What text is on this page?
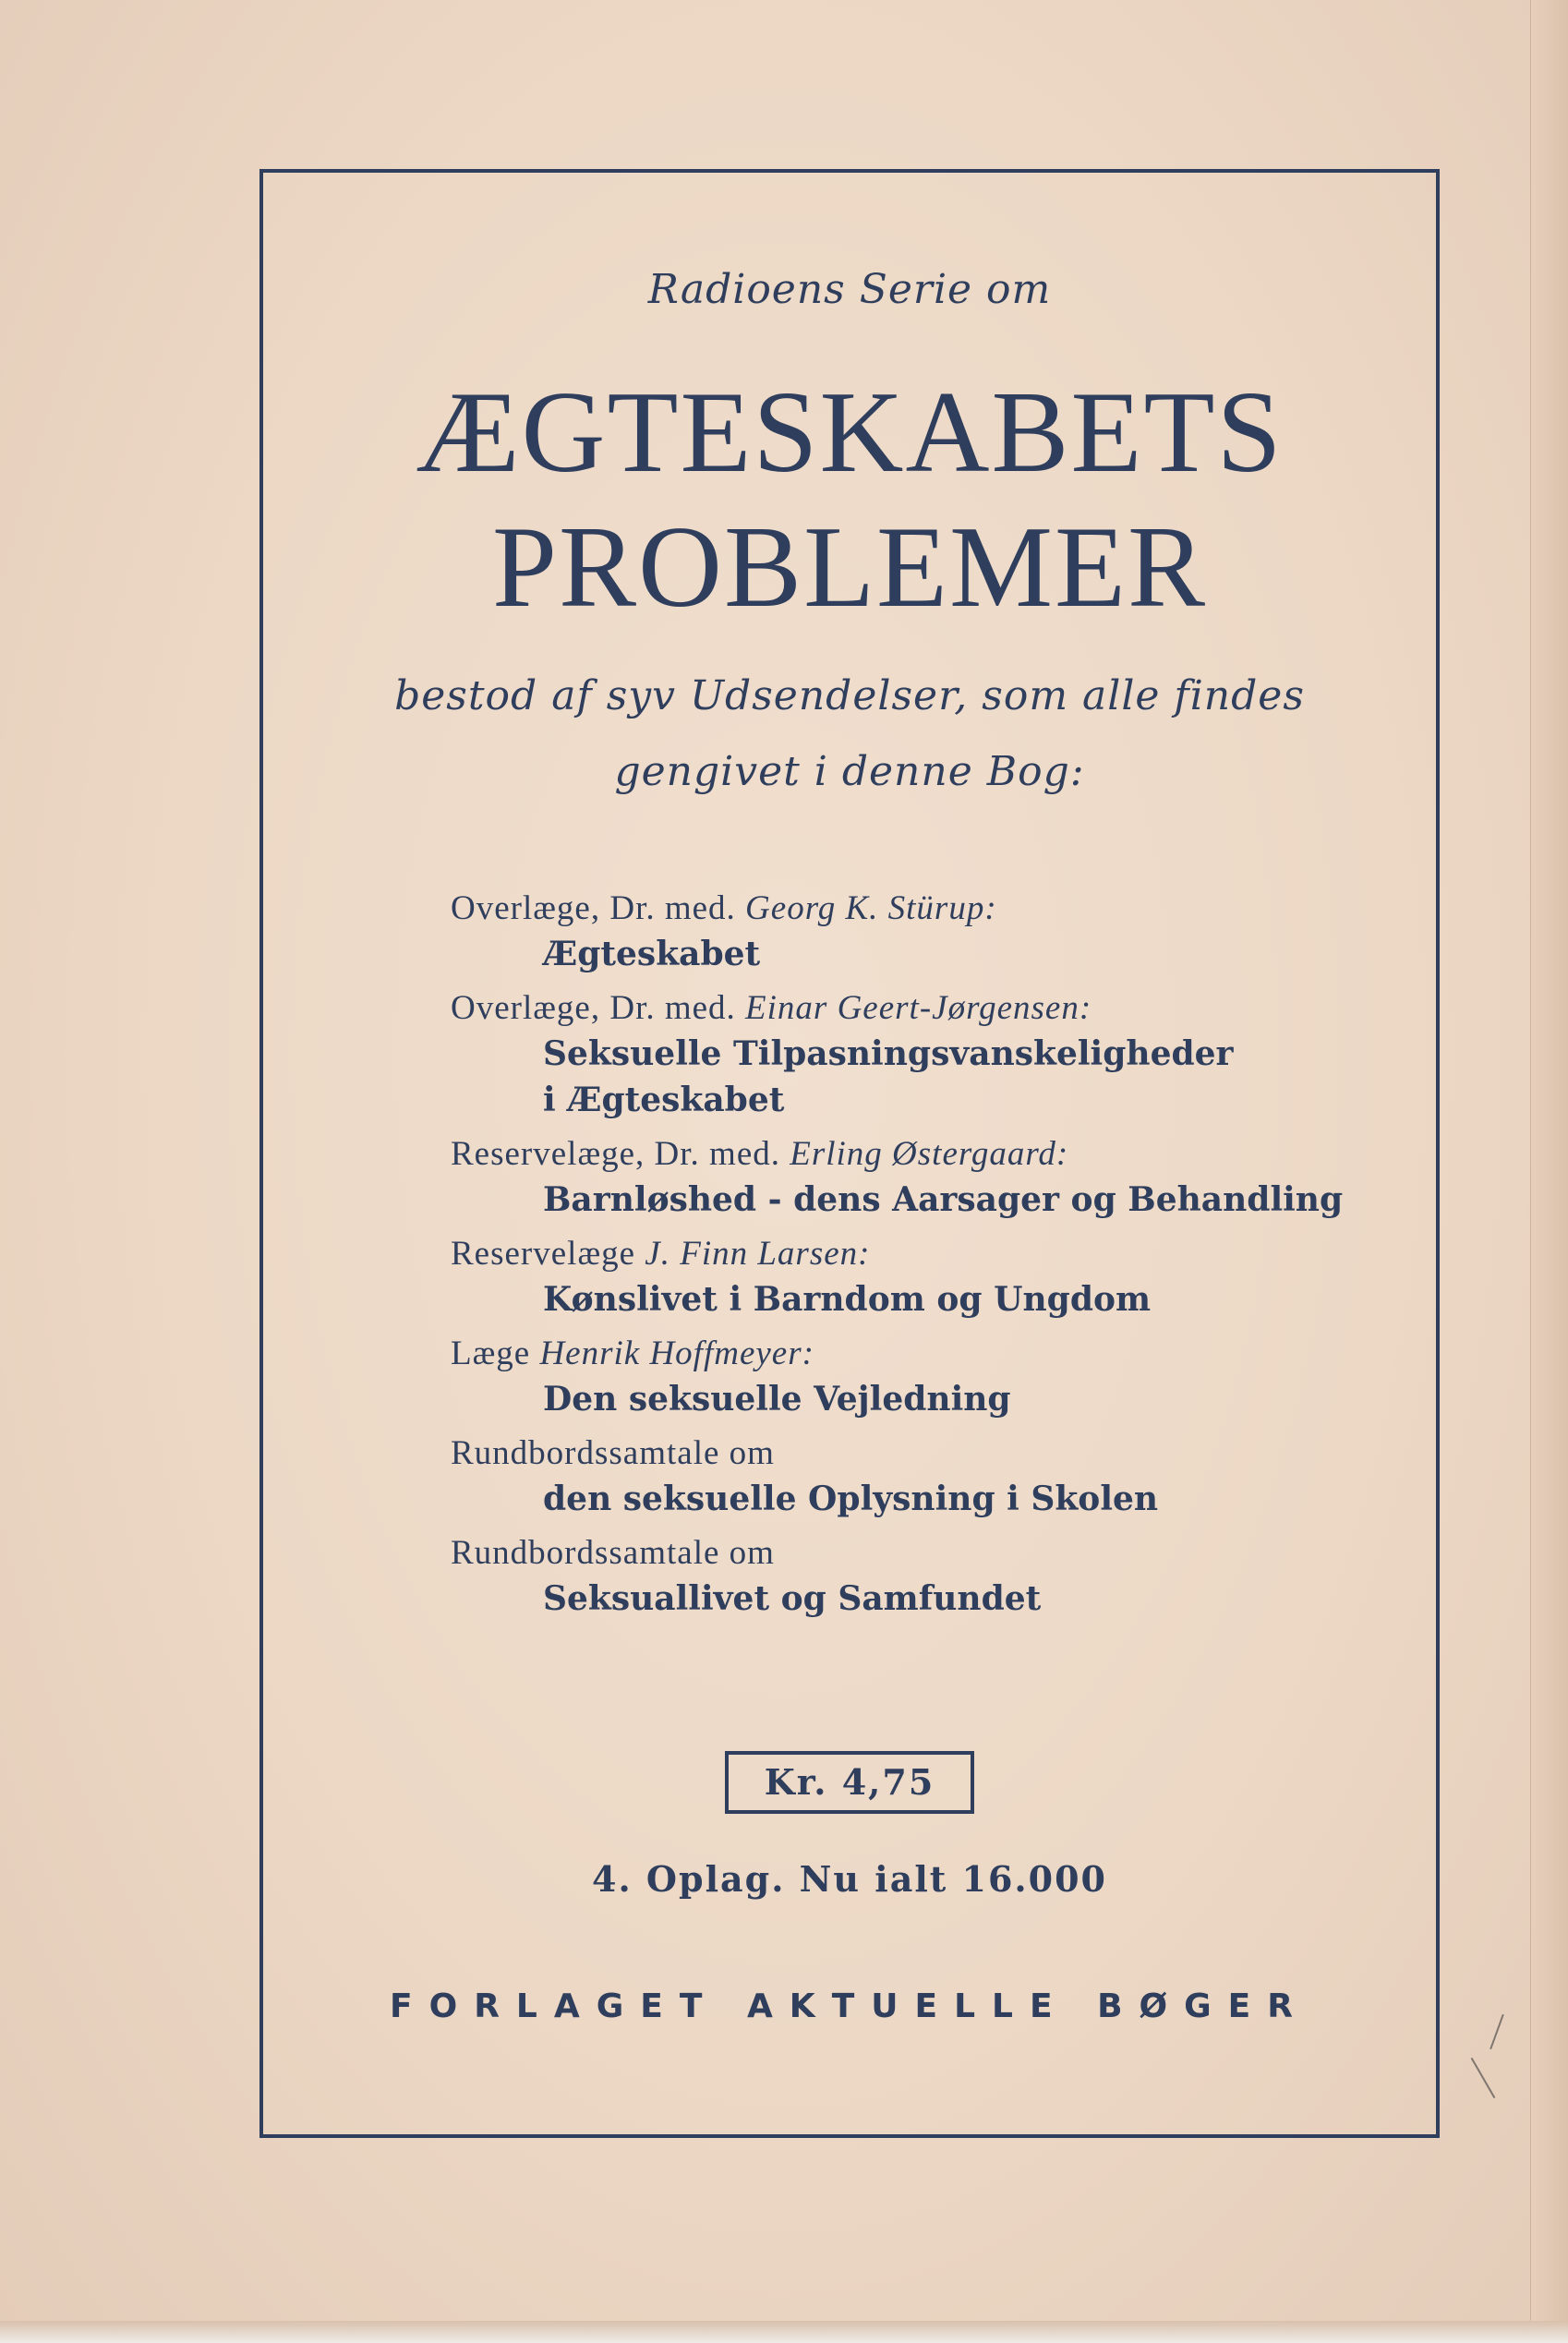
Radioens Serie om

ÆGTESKABETS

PROBLEMER

bestod af syv Udsendelser, som alle findes

gengivet i denne Bog:

Overlæge, Dr. med. Georg K. Stürup:
Ægteskabet
Overlæge, Dr. med. Einar Geert-Jørgensen:
Seksuelle Tilpasningsvanskeligheder
i Ægteskabet
Reservelæge, Dr. med. Erling Østergaard:
Barnløshed - dens Aarsager og Behandling
Reservelæge J. Finn Larsen:
Kønslivet i Barndom og Ungdom
Læge Henrik Hoffmeyer:
Den seksuelle Vejledning
Rundbordssamtale om
den seksuelle Oplysning i Skolen
Rundbordssamtale om
Seksuallivet og Samfundet
Kr. 4,75

4. Oplag. Nu ialt 16.000

FORLAGET AKTUELLE BØGER
